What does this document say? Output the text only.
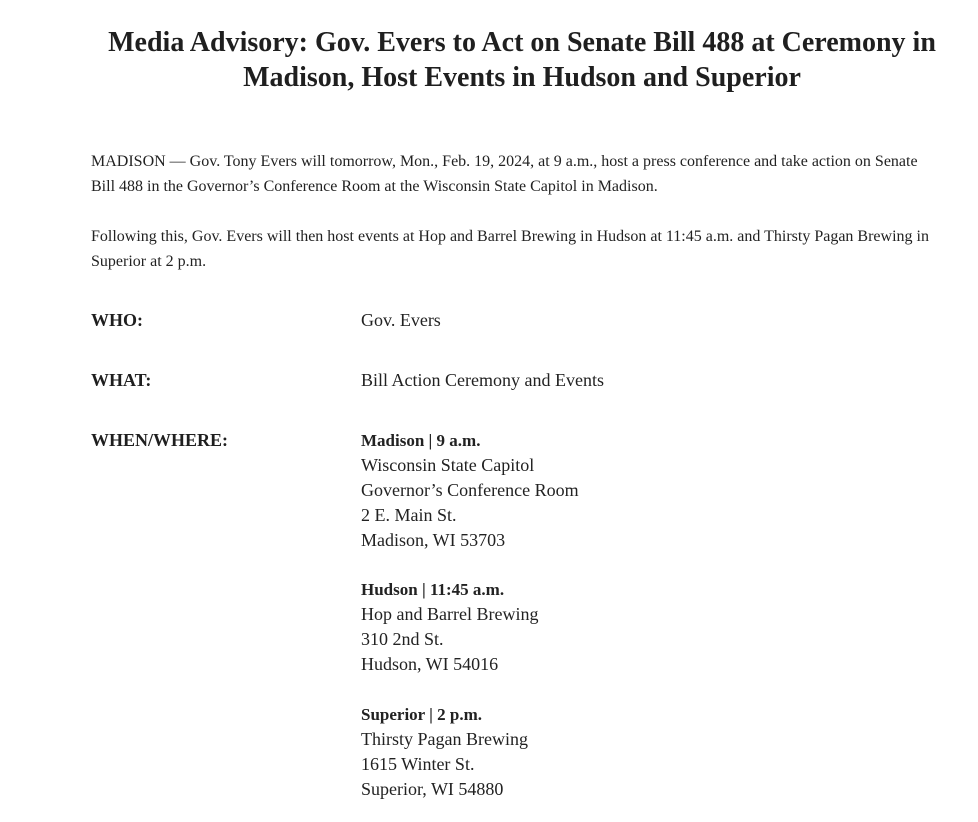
Media Advisory: Gov. Evers to Act on Senate Bill 488 at Ceremony in Madison, Host Events in Hudson and Superior

MADISON — Gov. Tony Evers will tomorrow, Mon., Feb. 19, 2024, at 9 a.m., host a press conference and take action on Senate Bill 488 in the Governor’s Conference Room at the Wisconsin State Capitol in Madison.

Following this, Gov. Evers will then host events at Hop and Barrel Brewing in Hudson at 11:45 a.m. and Thirsty Pagan Brewing in Superior at 2 p.m.

WHO:	Gov. Evers
WHAT:	Bill Action Ceremony and Events
WHEN/WHERE:	Madison | 9 a.m.
Wisconsin State Capitol
Governor’s Conference Room
2 E. Main St.
Madison, WI 53703
Hudson | 11:45 a.m.
Hop and Barrel Brewing
310 2nd St.
Hudson, WI 54016
Superior | 2 p.m.
Thirsty Pagan Brewing
1615 Winter St.
Superior, WI 54880
